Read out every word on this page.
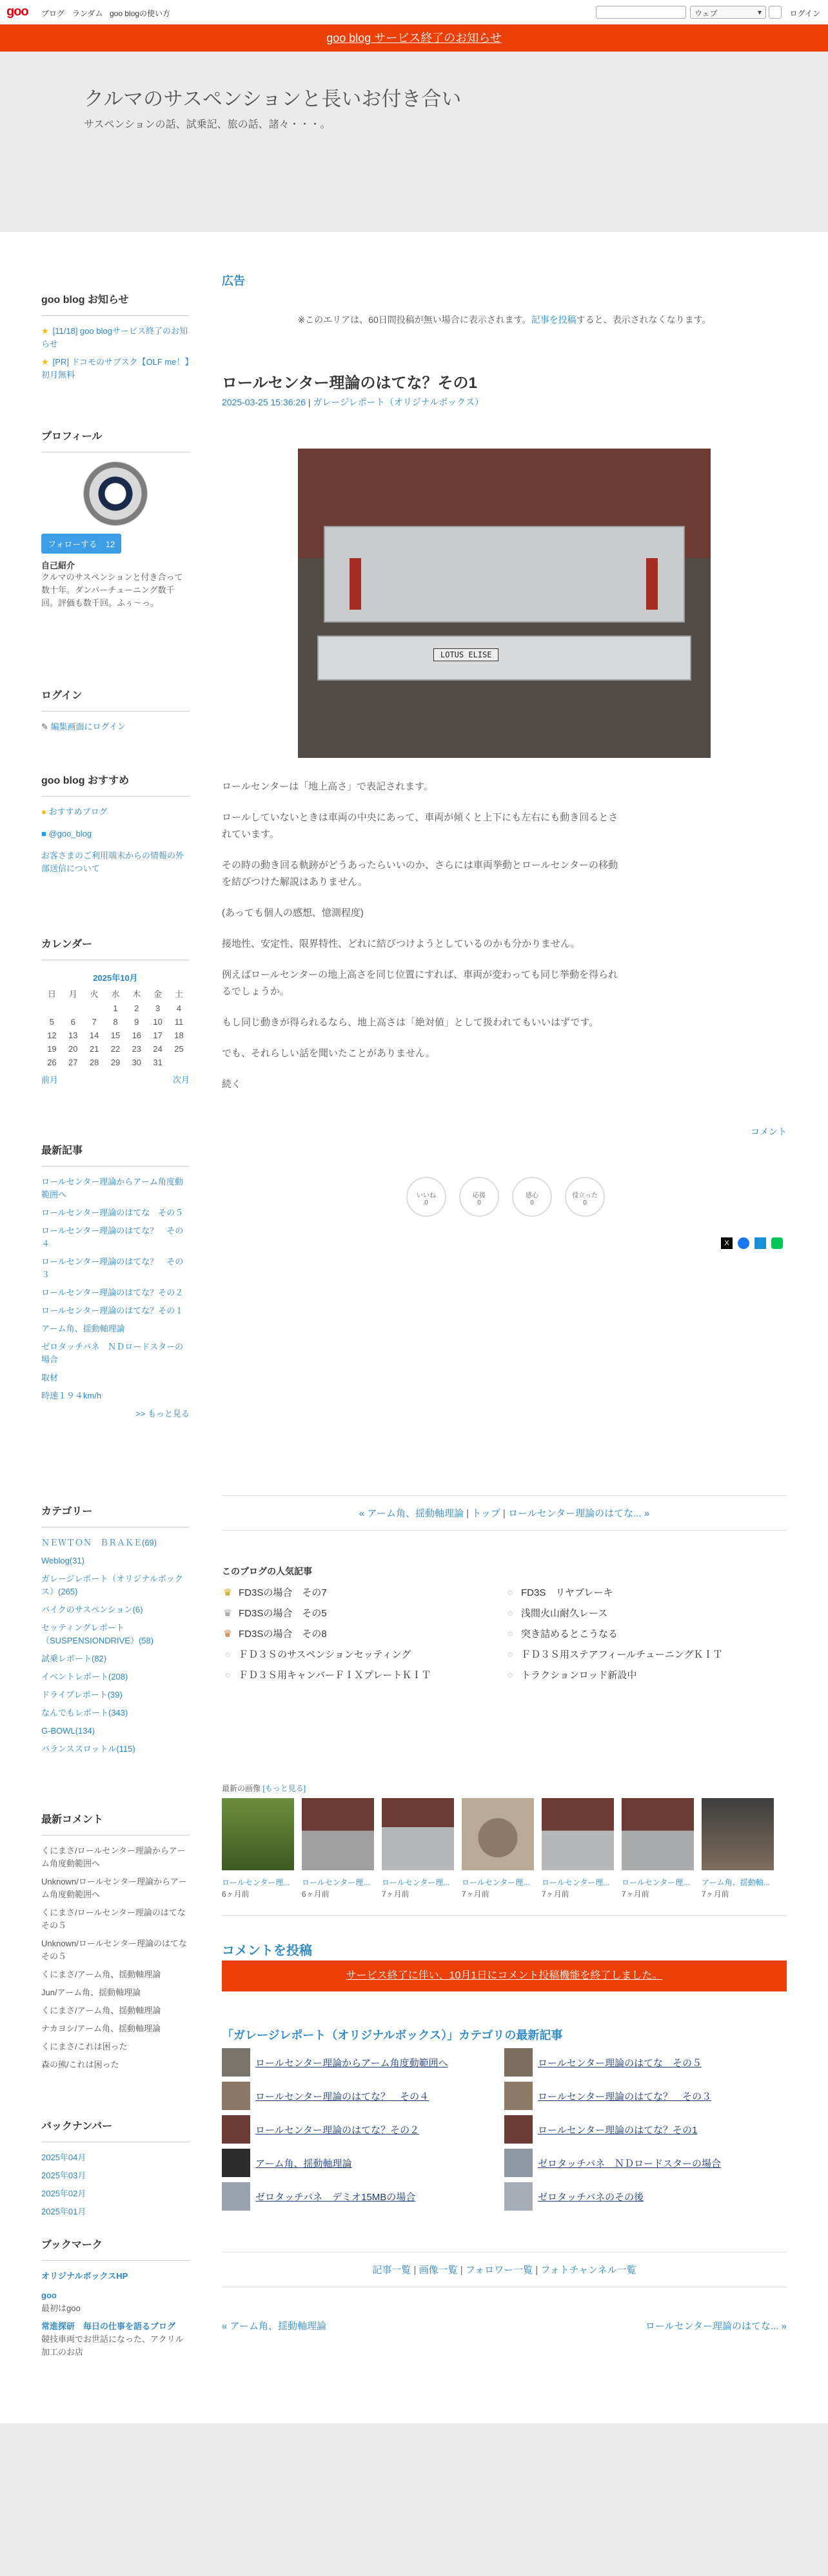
goo ブログ ランダム goo blogの使い方	ウェブ	▾	ログイン
goo blog サービス終了のお知らせ
クルマのサスペンションと長いお付き合い
サスペンションの話、試乗記、旅の話、諸々・・・。
goo blog お知らせ
★ [11/18] goo blogサービス終了のお知らせ
★ [PR] ドコモのサブスク【OLF me！】初月無料
プロフィール
フォローする　 12
自己紹介
クルマのサスペンションと付き合って数十年。ダンパーチューニング数千回。評価も数千回。ふぅ〜っ。
ログイン
✎ 編集画面にログイン
goo blog おすすめ
● おすすめブログ
■ @goo_blog
お客さまのご利用端末からの情報の外部送信について
カレンダー
2025年10月						
日	月	火	水	木	金	土
			1	2	3	4
5	6	7	8	9	10	11
12	13	14	15	16	17	18
19	20	21	22	23	24	25
26	27	28	29	30	31	
前月	次月
最新記事
ロールセンター理論からアーム角度動範囲へ
ロールセンター理論のはてな　その５
ロールセンター理論のはてな？　その４
ロールセンター理論のはてな？　その３
ロールセンター理論のはてな？その２
ロールセンター理論のはてな？その１
アーム角、揺動軸理論
ゼロタッチバネ　ＮＤロードスターの場合
取材
時速１９４km/h
>> もっと見る
カテゴリー
ＮＥＷＴＯＮ　ＢＲＡＫＥ(69)
Weblog(31)
ガレージレポート（オリジナルボックス）(265)
バイクのサスペンション(6)
セッティングレポート（SUSPENSIONDRIVE）(58)
試乗レポート(82)
イベントレポート(208)
ドライブレポート(39)
なんでもレポート(343)
G-BOWL(134)
バランススロットル(115)
最新コメント
くにまさ/ロールセンター理論からアーム角度動範囲へ
Unknown/ロールセンター理論からアーム角度動範囲へ
くにまさ/ロールセンター理論のはてな　その５
Unknown/ロールセンター理論のはてな　その５
くにまさ/アーム角、揺動軸理論
Jun/アーム角、揺動軸理論
くにまさ/アーム角、揺動軸理論
ナカヨシ/アーム角、揺動軸理論
くにまさ/これは困った
森の熊/これは困った
バックナンバー
2025年04月
2025年03月
2025年02月
2025年01月
ブックマーク
オリジナルボックスHP
goo
最初はgoo
常進探研　毎日の仕事を語るブログ
競技車両でお世話になった、アクリル加工のお店
広告
※このエリアは、60日間投稿が無い場合に表示されます。記事を投稿すると、表示されなくなります。
ロールセンター理論のはてな？その1
2025-03-25 15:36:26 | ガレージレポート（オリジナルボックス）
LOTUS ELISE

ロールセンターは「地上高さ」で表記されます。

ロールしていないときは車両の中央にあって、車両が傾くと上下にも左右にも動き回るとされています。

その時の動き回る軌跡がどうあったらいいのか、さらには車両挙動とロールセンターの移動を結びつけた解説はありません。

(あっても個人の感想、憶測程度)

接地性、安定性、限界特性、どれに結びつけようとしているのかも分かりません。

例えばロールセンターの地上高さを同じ位置にすれば、車両が変わっても同じ挙動を得られるでしょうか。

もし同じ動きが得られるなら、地上高さは「絶対値」として扱われてもいいはずです。

でも、それらしい話を聞いたことがありません。

続く

コメント
いいね
0
応援
0
感心
0
役立った
0
X
« アーム角、揺動軸理論 | トップ | ロールセンター理論のはてな... »
このブログの人気記事
♛ FD3Sの場合　その7
♛ FD3Sの場合　その5
♛ FD3Sの場合　その8
○ ＦＤ３Ｓのサスペンションセッティング
○ ＦＤ３Ｓ用キャンバーＦＩＸプレートＫＩＴ
○ FD3S　リヤブレーキ
○ 浅間火山耐久レース
○ 突き詰めるとこうなる
○ ＦＤ３Ｓ用ステアフィールチューニングＫＩＴ
○ トラクションロッド新設中
最新の画像 [もっと見る]
ロールセンター理...	ロールセンター理...	ロールセンター理...	ロールセンター理...	ロールセンター理...	ロールセンター理...	アーム角、揺動軸...
6ヶ月前	6ヶ月前	7ヶ月前	7ヶ月前	7ヶ月前	7ヶ月前	7ヶ月前
コメントを投稿
サービス終了に伴い、10月1日にコメント投稿機能を終了しました。
「ガレージレポート（オリジナルボックス）」カテゴリの最新記事
ロールセンター理論からアーム角度動範囲へ
ロールセンター理論のはてな？　その４
ロールセンター理論のはてな？その２
アーム角、揺動軸理論
ゼロタッチバネ　デミオ15MBの場合
ロールセンター理論のはてな　その５
ロールセンター理論のはてな？　その３
ロールセンター理論のはてな？その1
ゼロタッチバネ　ＮＤロードスターの場合
ゼロタッチバネのその後
記事一覧 | 画像一覧 | フォロワー一覧 | フォトチャンネル一覧
« アーム角、揺動軸理論	ロールセンター理論のはてな... »
